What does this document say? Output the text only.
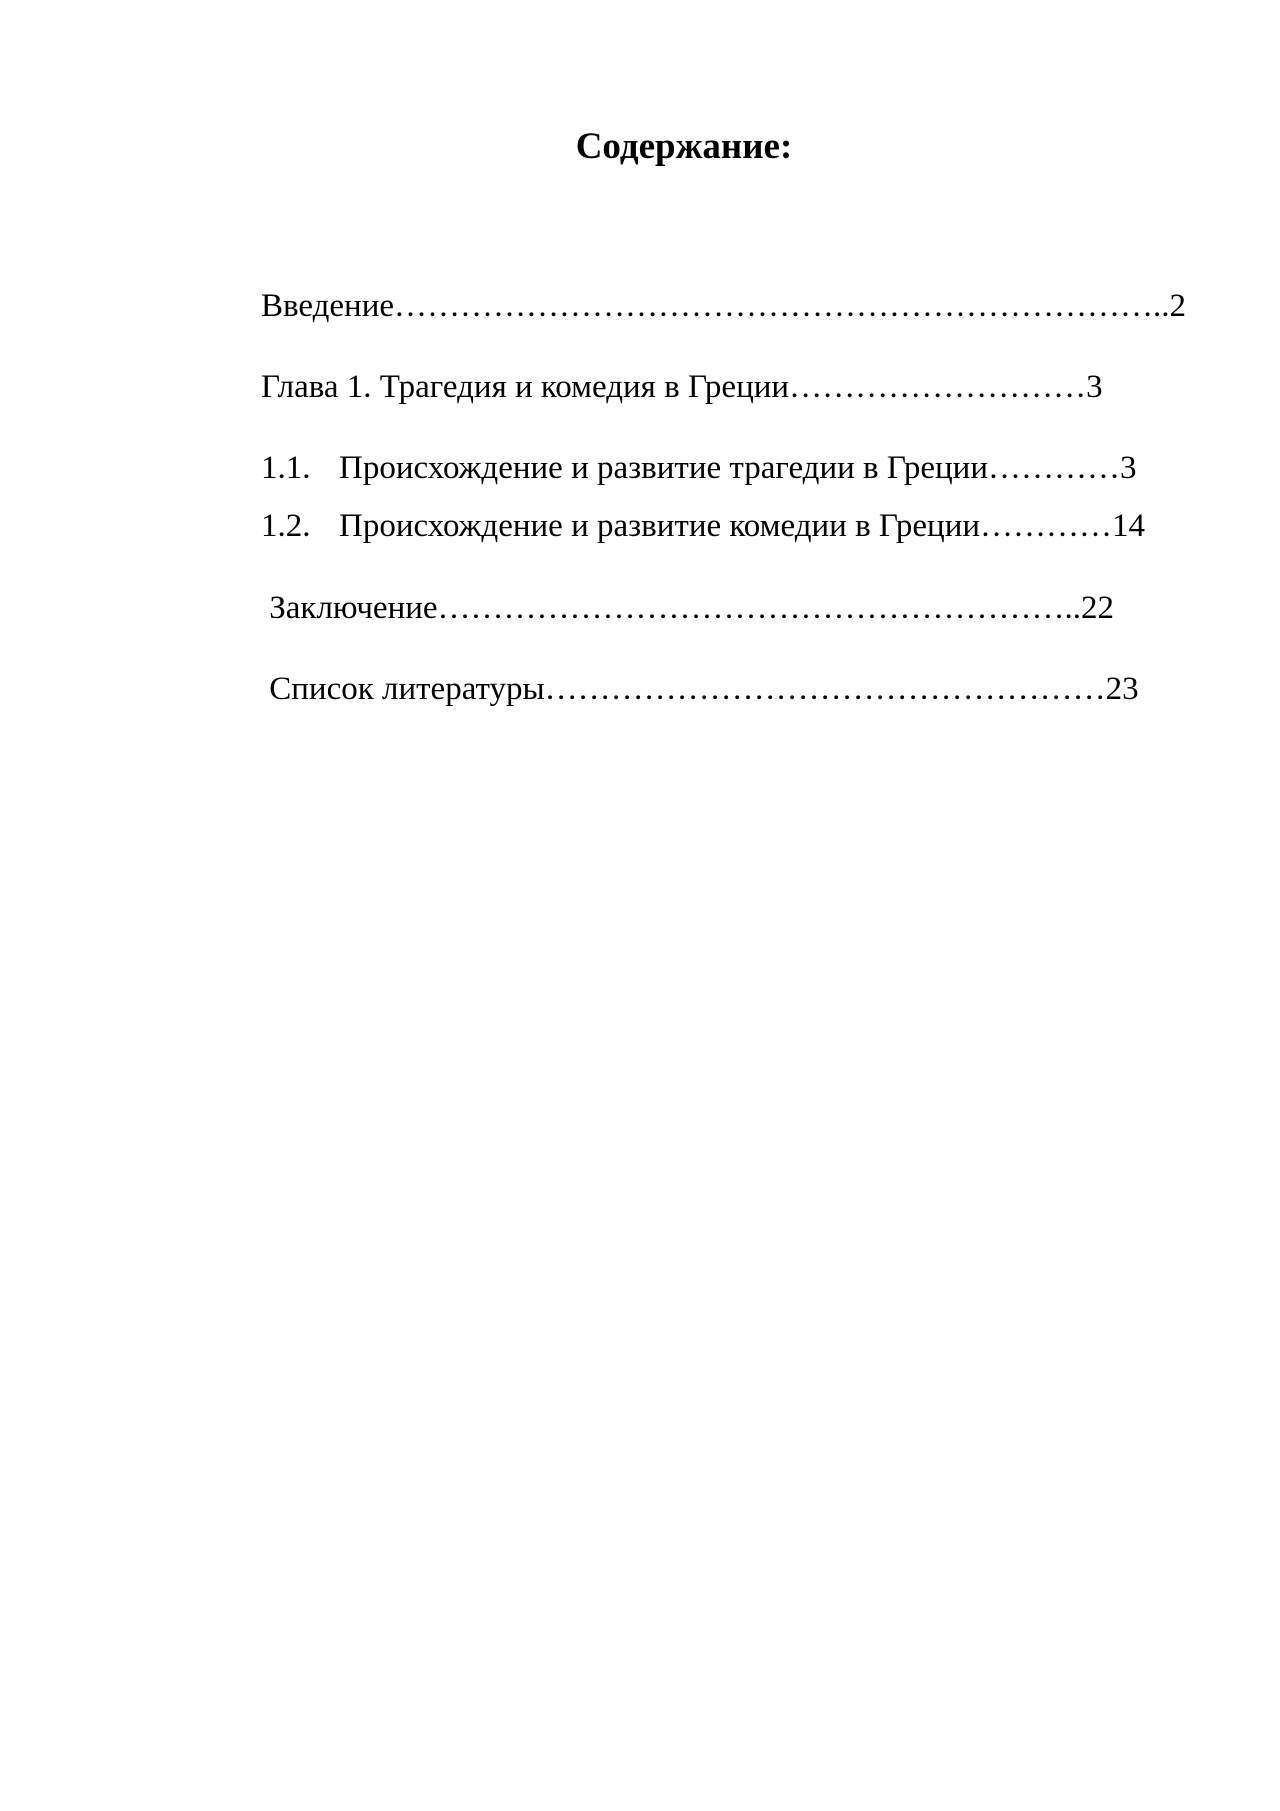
Содержание:
Введение……………………………………………………………..2
Глава 1. Трагедия и комедия в Греции………………………3
1.1. Происхождение и развитие трагедии в Греции…………3
1.2. Происхождение и развитие комедии в Греции…………14
Заключение…………………………………………………..22
Список литературы……………………………………………23
